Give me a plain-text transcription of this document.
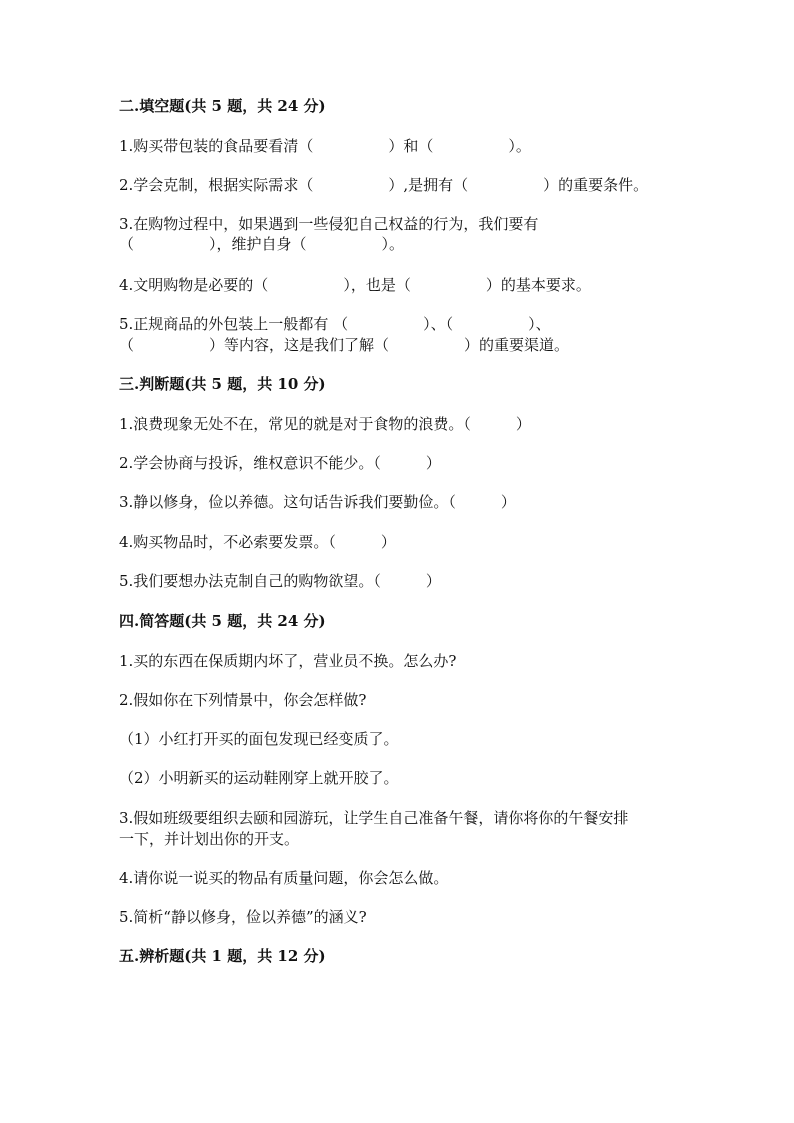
二.填空题(共 5 题，共 24 分)

1.购买带包装的食品要看清（　　　　　）和（　　　　　）。

2.学会克制，根据实际需求（　　　　　）,是拥有（　　　　　）的重要条件。

3.在购物过程中，如果遇到一些侵犯自己权益的行为，我们要有

（　　　　　），维护自身（　　　　　）。

4.文明购物是必要的（　　　　　），也是（　　　　　）的基本要求。

5.正规商品的外包装上一般都有 （　　　　　）、（　　　　　）、

（　　　　　）等内容，这是我们了解（　　　　　）的重要渠道。

三.判断题(共 5 题，共 10 分)

1.浪费现象无处不在，常见的就是对于食物的浪费。（　　　）

2.学会协商与投诉，维权意识不能少。（　　　）

3.静以修身，俭以养德。这句话告诉我们要勤俭。（　　　）

4.购买物品时，不必索要发票。（　　　）

5.我们要想办法克制自己的购物欲望。（　　　）

四.简答题(共 5 题，共 24 分)

1.买的东西在保质期内坏了，营业员不换。怎么办?

2.假如你在下列情景中，你会怎样做?

（1）小红打开买的面包发现已经变质了。

（2）小明新买的运动鞋刚穿上就开胶了。

3.假如班级要组织去颐和园游玩，让学生自己准备午餐，请你将你的午餐安排

一下，并计划出你的开支。

4.请你说一说买的物品有质量问题，你会怎么做。

5.简析“静以修身，俭以养德”的涵义?

五.辨析题(共 1 题，共 12 分)
